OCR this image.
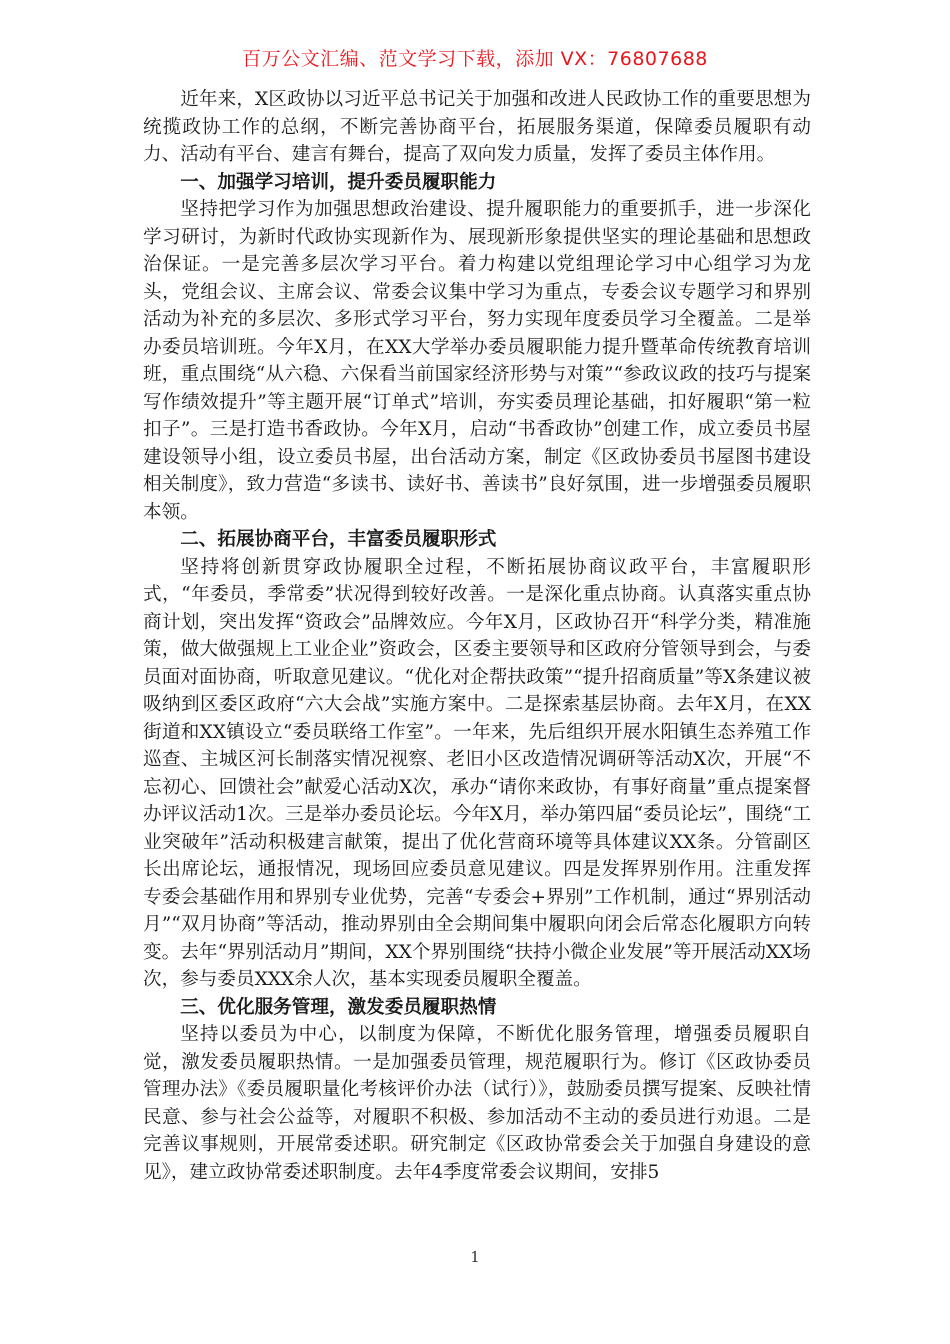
百万公文汇编、范文学习下载，添加 VX：76807688

近年来，X区政协以习近平总书记关于加强和改进人民政协工作的重要思想为统揽政协工作的总纲，不断完善协商平台，拓展服务渠道，保障委员履职有动力、活动有平台、建言有舞台，提高了双向发力质量，发挥了委员主体作用。

一、加强学习培训，提升委员履职能力

坚持把学习作为加强思想政治建设、提升履职能力的重要抓手，进一步深化学习研讨，为新时代政协实现新作为、展现新形象提供坚实的理论基础和思想政治保证。一是完善多层次学习平台。着力构建以党组理论学习中心组学习为龙头，党组会议、主席会议、常委会议集中学习为重点，专委会议专题学习和界别活动为补充的多层次、多形式学习平台，努力实现年度委员学习全覆盖。二是举办委员培训班。今年X月，在XX大学举办委员履职能力提升暨革命传统教育培训班，重点围绕“从六稳、六保看当前国家经济形势与对策”“参政议政的技巧与提案写作绩效提升”等主题开展“订单式”培训，夯实委员理论基础，扣好履职“第一粒扣子”。三是打造书香政协。今年X月，启动“书香政协”创建工作，成立委员书屋建设领导小组，设立委员书屋，出台活动方案，制定《区政协委员书屋图书建设相关制度》，致力营造“多读书、读好书、善读书”良好氛围，进一步增强委员履职本领。

二、拓展协商平台，丰富委员履职形式

坚持将创新贯穿政协履职全过程，不断拓展协商议政平台，丰富履职形式，“年委员，季常委”状况得到较好改善。一是深化重点协商。认真落实重点协商计划，突出发挥“资政会”品牌效应。今年X月，区政协召开“科学分类，精准施策，做大做强规上工业企业”资政会，区委主要领导和区政府分管领导到会，与委员面对面协商，听取意见建议。“优化对企帮扶政策”“提升招商质量”等X条建议被吸纳到区委区政府“六大会战”实施方案中。二是探索基层协商。去年X月，在XX街道和XX镇设立“委员联络工作室”。一年来，先后组织开展水阳镇生态养殖工作巡查、主城区河长制落实情况视察、老旧小区改造情况调研等活动X次，开展“不忘初心、回馈社会”献爱心活动X次，承办“请你来政协，有事好商量”重点提案督办评议活动1次。三是举办委员论坛。今年X月，举办第四届“委员论坛”，围绕“工业突破年”活动积极建言献策，提出了优化营商环境等具体建议XX条。分管副区长出席论坛，通报情况，现场回应委员意见建议。四是发挥界别作用。注重发挥专委会基础作用和界别专业优势，完善“专委会+界别”工作机制，通过“界别活动月”“双月协商”等活动，推动界别由全会期间集中履职向闭会后常态化履职方向转变。去年“界别活动月”期间，XX个界别围绕“扶持小微企业发展”等开展活动XX场次，参与委员XXX余人次，基本实现委员履职全覆盖。

三、优化服务管理，激发委员履职热情

坚持以委员为中心，以制度为保障，不断优化服务管理，增强委员履职自觉，激发委员履职热情。一是加强委员管理，规范履职行为。修订《区政协委员管理办法》《委员履职量化考核评价办法（试行）》，鼓励委员撰写提案、反映社情民意、参与社会公益等，对履职不积极、参加活动不主动的委员进行劝退。二是完善议事规则，开展常委述职。研究制定《区政协常委会关于加强自身建设的意见》，建立政协常委述职制度。去年4季度常委会议期间，安排5

1
